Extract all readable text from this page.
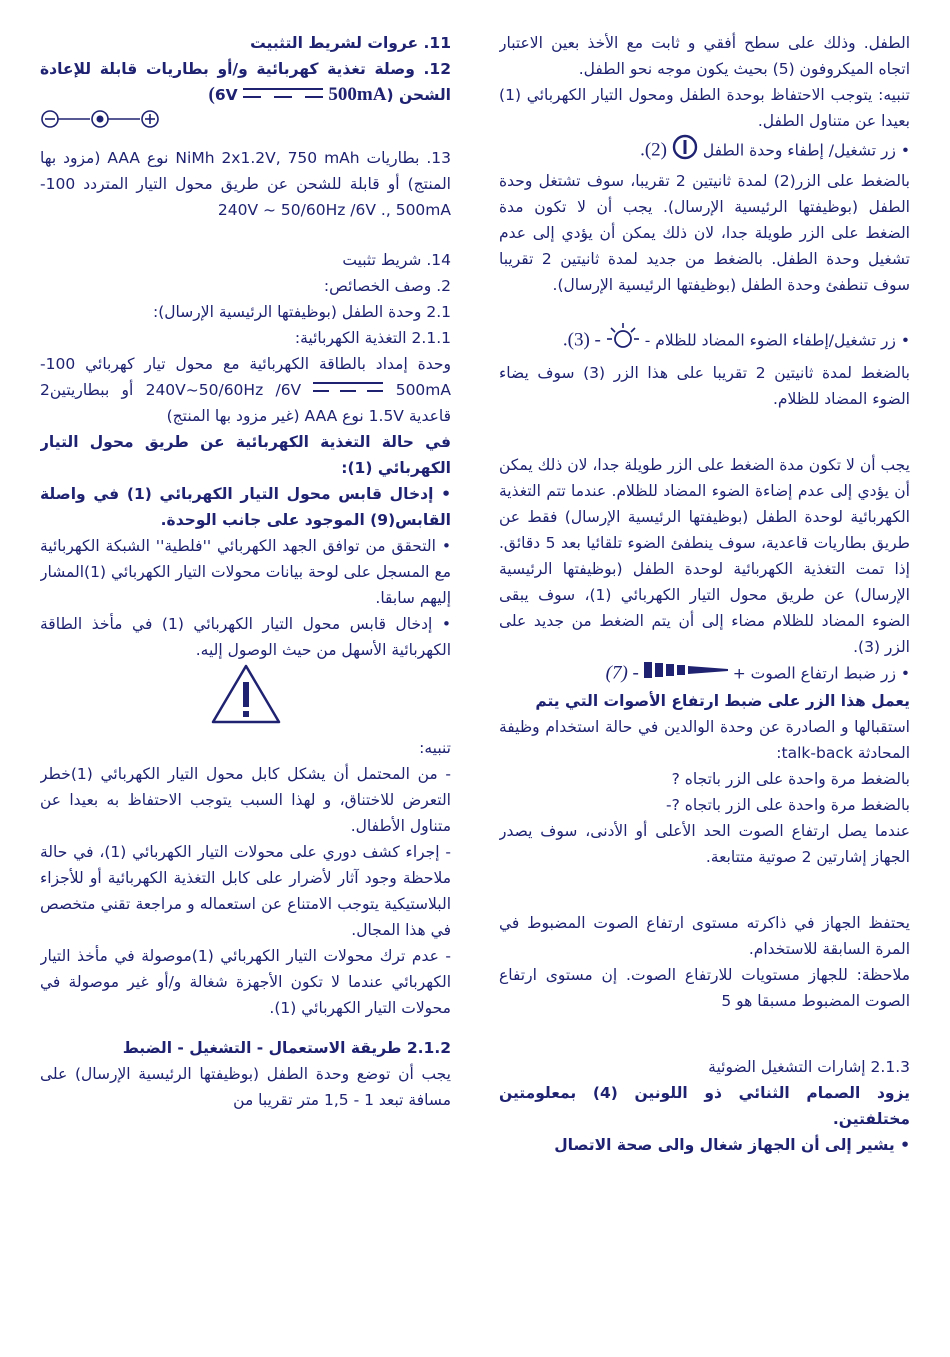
الطفل. وذلك على سطح أفقي و ثابت مع الأخذ بعين الاعتبار اتجاه الميكروفون (5) بحيث يكون موجه نحو الطفل.

تنبيه: يتوجب الاحتفاظ بوحدة الطفل ومحول التيار الكهربائي (1) بعيدا عن متناول الطفل.

• زر تشغيل/ إطفاء وحدة الطفل  (2).

بالضغط على الزر(2) لمدة ثانيتين 2 تقريبا، سوف تشتغل وحدة الطفل (بوظيفتها الرئيسية الإرسال). يجب أن لا تكون مدة الضغط على الزر طويلة جدا، لان ذلك يمكن أن يؤدي إلى عدم تشغيل وحدة الطفل. بالضغط من جديد لمدة ثانيتين 2 تقريبا سوف تنطفئ وحدة الطفل (بوظيفتها الرئيسية الإرسال).

• زر تشغيل/إطفاء الضوء المضاد للظلام -  - (3).

بالضغط لمدة ثانيتين 2 تقريبا على هذا الزر (3) سوف يضاء الضوء المضاد للظلام.

يجب أن لا تكون مدة الضغط على الزر طويلة جدا، لان ذلك يمكن أن يؤدي إلى عدم إضاءة الضوء المضاد للظلام. عندما تتم التغذية الكهربائية لوحدة الطفل (بوظيفتها الرئيسية الإرسال) فقط عن طريق بطاريات قاعدية، سوف ينطفئ الضوء تلقائيا بعد 5 دقائق. إذا تمت التغذية الكهربائية لوحدة الطفل (بوظيفتها الرئيسية الإرسال) عن طريق محول التيار الكهربائي (1)، سوف يبقى الضوء المضاد للظلام مضاء إلى أن يتم الضغط من جديد على الزر (3).

• زر ضبط ارتفاع الصوت +  - (7)

يعمل هذا الزر على ضبط ارتفاع الأصوات التي يتم

استقبالها و الصادرة عن وحدة الوالدين في حالة استخدام وظيفة المحادثة talk-back:

بالضغط مرة واحدة على الزر باتجاه ?

بالضغط مرة واحدة على الزر باتجاه ?-

عندما يصل ارتفاع الصوت الحد الأعلى أو الأدنى، سوف يصدر الجهاز إشارتين 2 صوتية متتابعة.

يحتفظ الجهاز في ذاكرته مستوى ارتفاع الصوت المضبوط في المرة السابقة للاستخدام.

ملاحظة: للجهاز مستويات للارتفاع الصوت. إن مستوى ارتفاع الصوت المضبوط مسبقا هو 5

2.1.3 إشارات التشغيل الضوئية

يزود الصمام الثنائي ذو اللونين (4) بمعلومتين مختلفتين.

• يشير إلى أن الجهاز شغال والى صحة الاتصال

11. عروات لشريط التثبيت

12. وصلة تغذية كهربائية و/أو بطاريات قابلة للإعادة الشحن (6V  500mA)

13. بطاريات NiMh 2x1.2V, 750 mAh نوع AAA (مزود بها المنتج) أو قابلة للشحن عن طريق محول التيار المتردد 100-240V ~ 50/60Hz /6V ., 500mA

14. شريط تثبيت

2. وصف الخصائص:

2.1 وحدة الطفل (بوظيفتها الرئيسية الإرسال):

2.1.1 التغذية الكهربائية:

وحدة إمداد بالطاقة الكهربائية مع محول تيار كهربائي 100-240V~50/60Hz /6V  500mA أو ببطاريتين2 قاعدية 1.5V نوع AAA (غير مزود بها المنتج)

في حالة التغذية الكهربائية عن طريق محول التيار الكهربائي (1):

• إدخال قابس محول التيار الكهربائي (1) في واصلة القابس(9) الموجود على جانب الوحدة.

• التحقق من توافق الجهد الكهربائي ''فلطية'' الشبكة الكهربائية مع المسجل على لوحة بيانات محولات التيار الكهربائي (1)المشار إليهم سابقا.

• إدخال قابس محول التيار الكهربائي (1) في مأخذ الطاقة الكهربائية الأسهل من حيث الوصول إليه.

تنبيه:

- من المحتمل أن يشكل كابل محول التيار الكهربائي (1)خطر التعرض للاختناق، و لهذا السبب يتوجب الاحتفاظ به بعيدا عن متناول الأطفال.

- إجراء كشف دوري على محولات التيار الكهربائي (1)، في حالة ملاحظة وجود آثار لأضرار على كابل التغذية الكهربائية أو للأجزاء البلاستيكية يتوجب الامتناع عن استعماله و مراجعة تقني متخصص في هذا المجال.

- عدم ترك محولات التيار الكهربائي (1)موصولة في مأخذ التيار الكهربائي عندما لا تكون الأجهزة شغالة و/أو غير موصولة في محولات التيار الكهربائي (1).

2.1.2 طريقة الاستعمال - التشغيل - الضبط

يجب أن توضع وحدة الطفل (بوظيفتها الرئيسية الإرسال) على مسافة تبعد 1 - 1,5 متر تقريبا من
